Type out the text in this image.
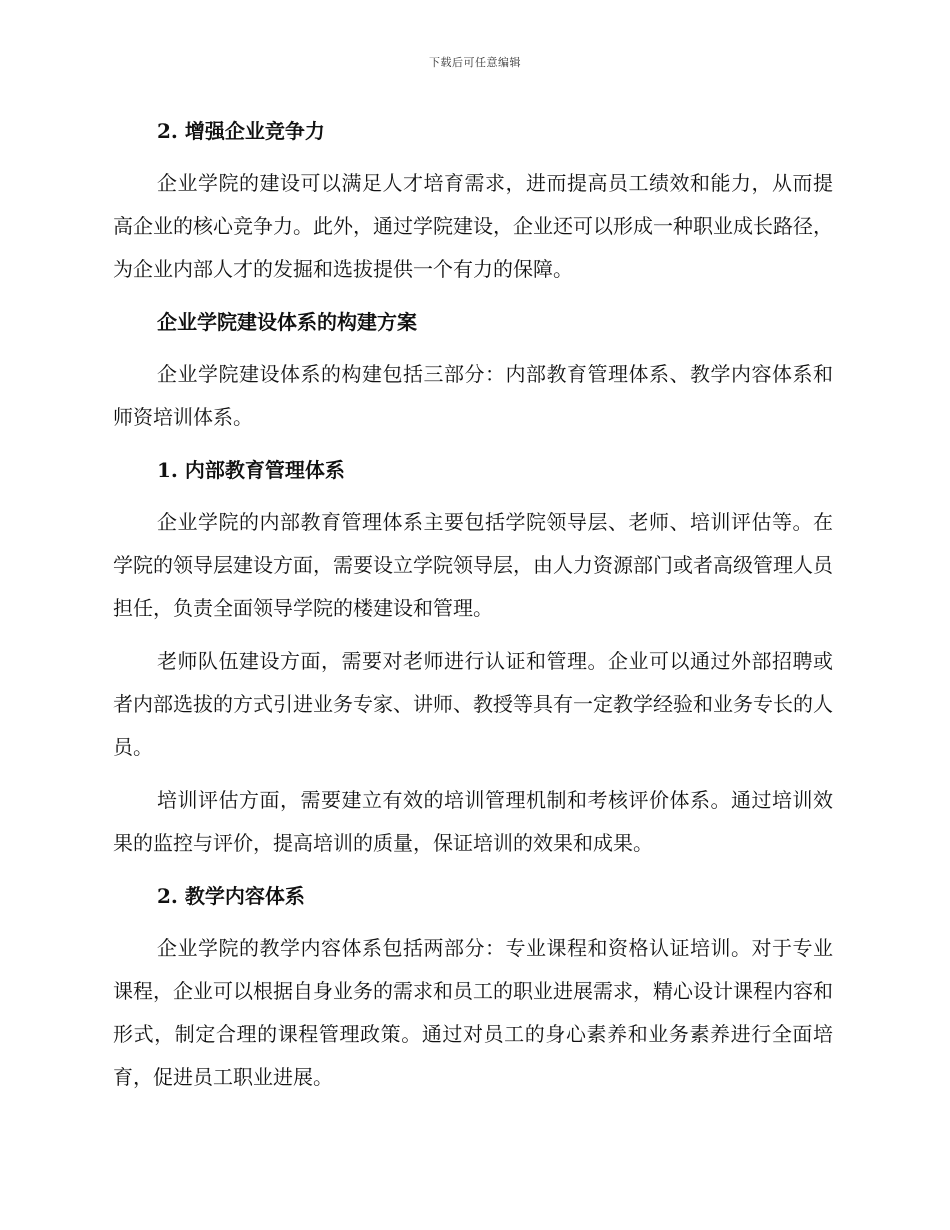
下载后可任意编辑
2. 增强企业竞争力

企业学院的建设可以满足人才培育需求，进而提高员工绩效和能力，从而提高企业的核心竞争力。此外，通过学院建设，企业还可以形成一种职业成长路径，为企业内部人才的发掘和选拔提供一个有力的保障。

企业学院建设体系的构建方案

企业学院建设体系的构建包括三部分：内部教育管理体系、教学内容体系和师资培训体系。

1. 内部教育管理体系

企业学院的内部教育管理体系主要包括学院领导层、老师、培训评估等。在学院的领导层建设方面，需要设立学院领导层，由人力资源部门或者高级管理人员担任，负责全面领导学院的楼建设和管理。

老师队伍建设方面，需要对老师进行认证和管理。企业可以通过外部招聘或者内部选拔的方式引进业务专家、讲师、教授等具有一定教学经验和业务专长的人员。

培训评估方面，需要建立有效的培训管理机制和考核评价体系。通过培训效果的监控与评价，提高培训的质量，保证培训的效果和成果。

2. 教学内容体系

企业学院的教学内容体系包括两部分：专业课程和资格认证培训。对于专业课程，企业可以根据自身业务的需求和员工的职业进展需求，精心设计课程内容和形式，制定合理的课程管理政策。通过对员工的身心素养和业务素养进行全面培育，促进员工职业进展。
